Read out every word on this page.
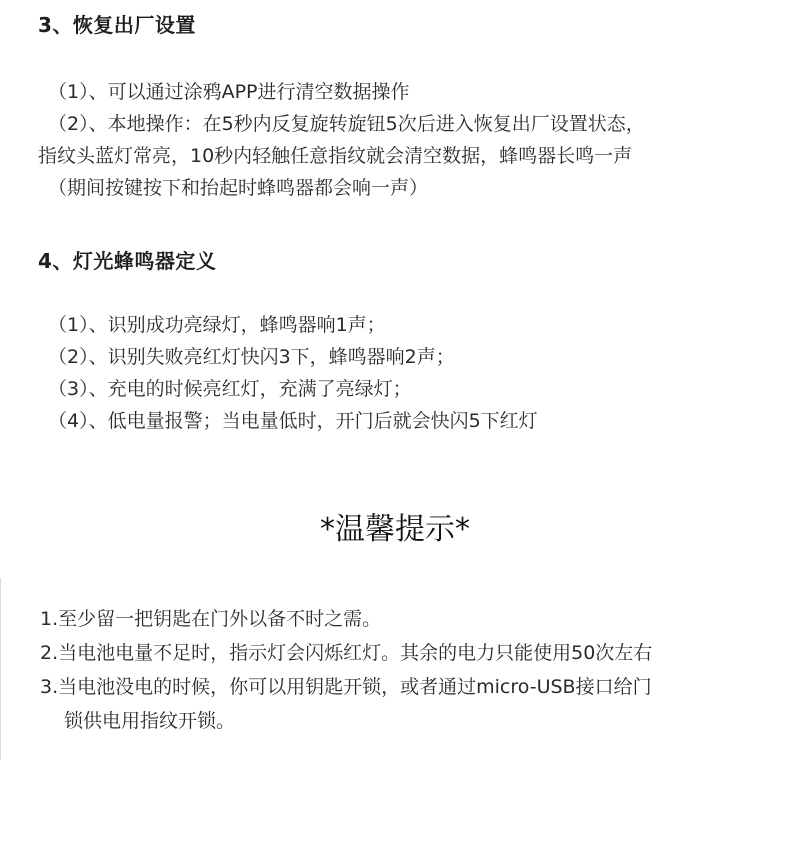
3、恢复出厂设置
（1）、可以通过涂鸦APP进行清空数据操作
（2）、本地操作：在5秒内反复旋转旋钮5次后进入恢复出厂设置状态，
指纹头蓝灯常亮，10秒内轻触任意指纹就会清空数据，蜂鸣器长鸣一声
（期间按键按下和抬起时蜂鸣器都会响一声）
4、灯光蜂鸣器定义
（1）、识别成功亮绿灯，蜂鸣器响1声；
（2）、识别失败亮红灯快闪3下，蜂鸣器响2声；
（3）、充电的时候亮红灯，充满了亮绿灯；
（4）、低电量报警；当电量低时，开门后就会快闪5下红灯
*温馨提示*
1.至少留一把钥匙在门外以备不时之需。
2.当电池电量不足时，指示灯会闪烁红灯。其余的电力只能使用50次左右
3.当电池没电的时候，你可以用钥匙开锁，或者通过micro-USB接口给门
锁供电用指纹开锁。
